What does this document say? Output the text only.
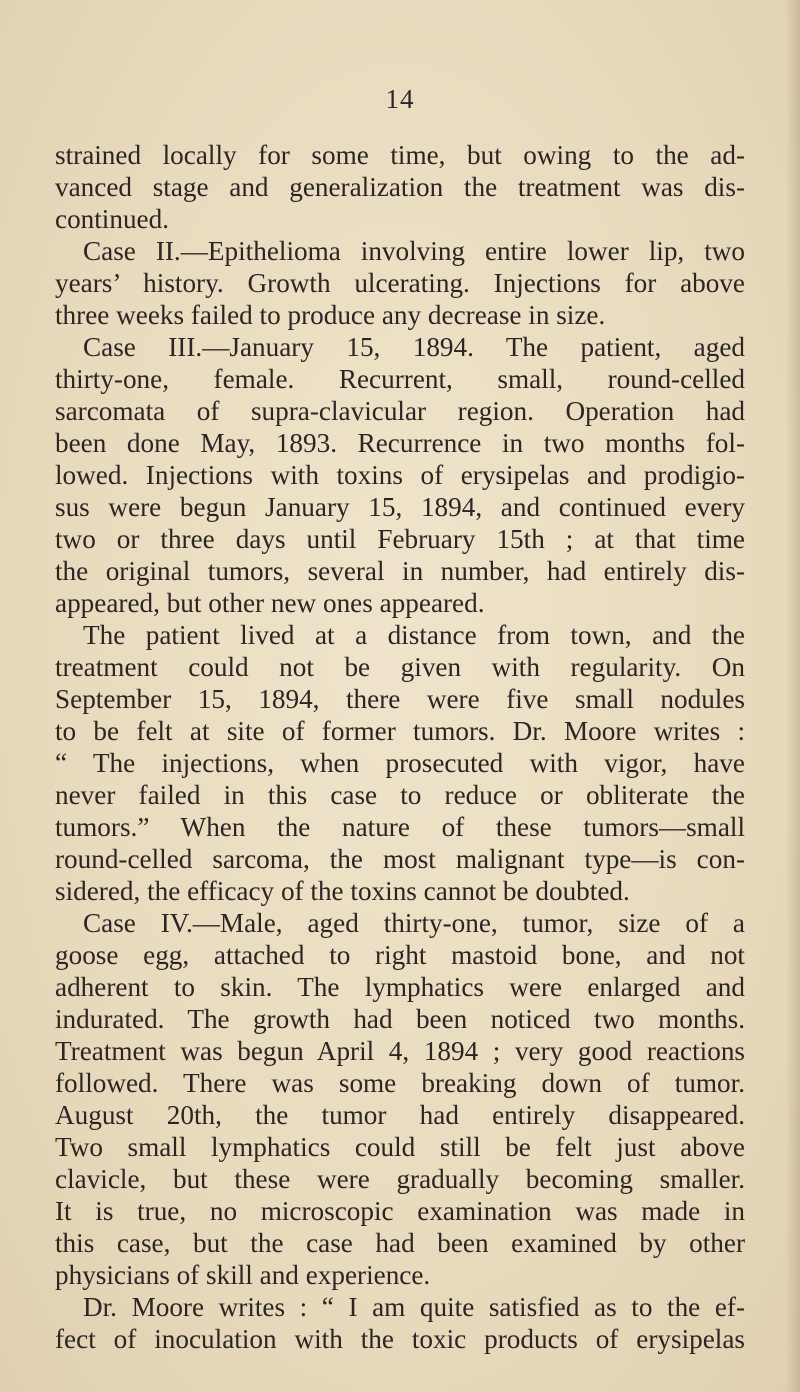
14

strained locally for some time, but owing to the ad-
vanced stage and generalization the treatment was dis-
continued.
Case II.—Epithelioma involving entire lower lip, two
years’ history. Growth ulcerating. Injections for above
three weeks failed to produce any decrease in size.
Case III.—January 15, 1894. The patient, aged
thirty-one, female. Recurrent, small, round-celled
sarcomata of supra-clavicular region. Operation had
been done May, 1893. Recurrence in two months fol-
lowed. Injections with toxins of erysipelas and prodigio-
sus were begun January 15, 1894, and continued every
two or three days until February 15th ; at that time
the original tumors, several in number, had entirely dis-
appeared, but other new ones appeared.
The patient lived at a distance from town, and the
treatment could not be given with regularity. On
September 15, 1894, there were five small nodules
to be felt at site of former tumors. Dr. Moore writes :
“ The injections, when prosecuted with vigor, have
never failed in this case to reduce or obliterate the
tumors.” When the nature of these tumors—small
round-celled sarcoma, the most malignant type—is con-
sidered, the efficacy of the toxins cannot be doubted.
Case IV.—Male, aged thirty-one, tumor, size of a
goose egg, attached to right mastoid bone, and not
adherent to skin. The lymphatics were enlarged and
indurated. The growth had been noticed two months.
Treatment was begun April 4, 1894 ; very good reactions
followed. There was some breaking down of tumor.
August 20th, the tumor had entirely disappeared.
Two small lymphatics could still be felt just above
clavicle, but these were gradually becoming smaller.
It is true, no microscopic examination was made in
this case, but the case had been examined by other
physicians of skill and experience.
Dr. Moore writes : “ I am quite satisfied as to the ef-
fect of inoculation with the toxic products of erysipelas
